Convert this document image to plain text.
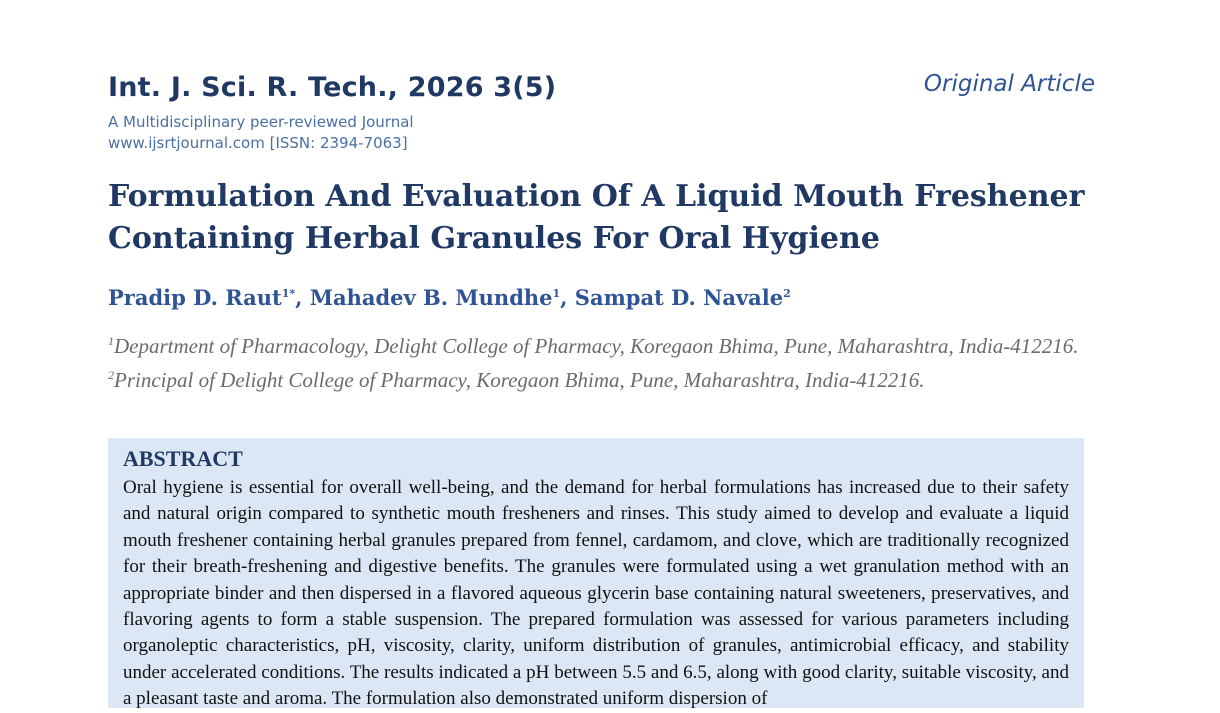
Int. J. Sci. R. Tech., 2026 3(5)
A Multidisciplinary peer-reviewed Journal
www.ijsrtjournal.com [ISSN: 2394-7063]
Original Article
Formulation And Evaluation Of A Liquid Mouth Freshener Containing Herbal Granules For Oral Hygiene
Pradip D. Raut$^{1*}$, Mahadev B. Mundhe$^1$, Sampat D. Navale$^2$
$^1$Department of Pharmacology, Delight College of Pharmacy, Koregaon Bhima, Pune, Maharashtra, India-412216.
$^2$Principal of Delight College of Pharmacy, Koregaon Bhima, Pune, Maharashtra, India-412216.
ABSTRACT

Oral hygiene is essential for overall well-being, and the demand for herbal formulations has increased due to their safety and natural origin compared to synthetic mouth fresheners and rinses. This study aimed to develop and evaluate a liquid mouth freshener containing herbal granules prepared from fennel, cardamom, and clove, which are traditionally recognized for their breath-freshening and digestive benefits. The granules were formulated using a wet granulation method with an appropriate binder and then dispersed in a flavored aqueous glycerin base containing natural sweeteners, preservatives, and flavoring agents to form a stable suspension. The prepared formulation was assessed for various parameters including organoleptic characteristics, pH, viscosity, clarity, uniform distribution of granules, antimicrobial efficacy, and stability under accelerated conditions. The results indicated a pH between 5.5 and 6.5, along with good clarity, suitable viscosity, and a pleasant taste and aroma. The formulation also demonstrated uniform dispersion of
